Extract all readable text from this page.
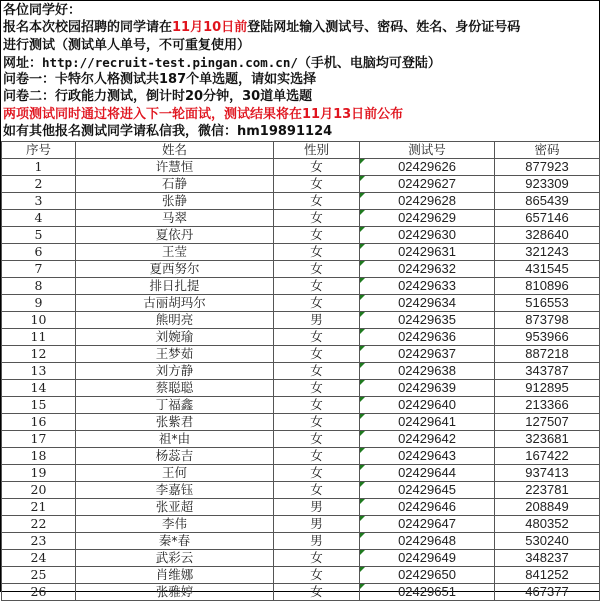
各位同学好：
报名本次校园招聘的同学请在11月10日前登陆网址输入测试号、密码、姓名、身份证号码
进行测试（测试单人单号，不可重复使用）
网址：http://recruit-test.pingan.com.cn/（手机、电脑均可登陆）
问卷一：卡特尔人格测试共187个单选题，请如实选择
问卷二：行政能力测试，倒计时20分钟，30道单选题
两项测试同时通过将进入下一轮面试，测试结果将在11月13日前公布
如有其他报名测试同学请私信我，微信：hm19891124
序号	姓名	性别	测试号	密码
1	许慧恒	女	02429626	877923
2	石静	女	02429627	923309
3	张静	女	02429628	865439
4	马翠	女	02429629	657146
5	夏依丹	女	02429630	328640
6	王莹	女	02429631	321243
7	夏西努尔	女	02429632	431545
8	排日扎提	女	02429633	810896
9	古丽胡玛尔	女	02429634	516553
10	熊明亮	男	02429635	873798
11	刘婉瑜	女	02429636	953966
12	王梦茹	女	02429637	887218
13	刘方静	女	02429638	343787
14	蔡聪聪	女	02429639	912895
15	丁福鑫	女	02429640	213366
16	张紫君	女	02429641	127507
17	祖*由	女	02429642	323681
18	杨蕊吉	女	02429643	167422
19	王何	女	02429644	937413
20	李嘉钰	女	02429645	223781
21	张亚超	男	02429646	208849
22	李伟	男	02429647	480352
23	秦*春	男	02429648	530240
24	武彩云	女	02429649	348237
25	肖维娜	女	02429650	841252
26	张雅婷	女	02429651	467377
